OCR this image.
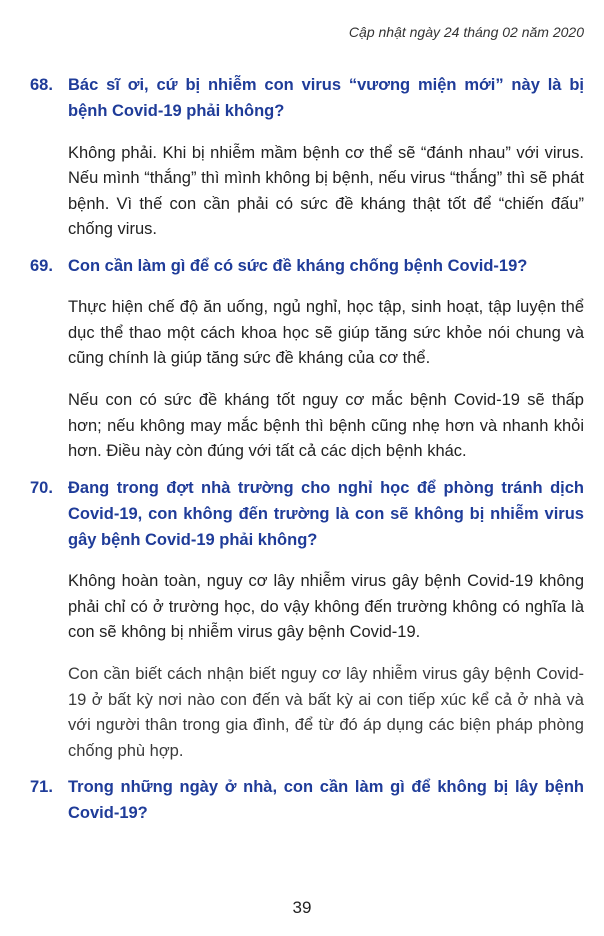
Cập nhật ngày 24 tháng 02 năm 2020
68. Bác sĩ ơi, cứ bị nhiễm con virus “vương miện mới” này là bị bệnh Covid-19 phải không?

Không phải. Khi bị nhiễm mầm bệnh cơ thể sẽ “đánh nhau” với virus. Nếu mình “thắng” thì mình không bị bệnh, nếu virus “thắng” thì sẽ phát bệnh. Vì thế con cần phải có sức đề kháng thật tốt để “chiến đấu” chống virus.

69. Con cần làm gì để có sức đề kháng chống bệnh Covid-19?

Thực hiện chế độ ăn uống, ngủ nghỉ, học tập, sinh hoạt, tập luyện thể dục thể thao một cách khoa học sẽ giúp tăng sức khỏe nói chung và cũng chính là giúp tăng sức đề kháng của cơ thể.

Nếu con có sức đề kháng tốt nguy cơ mắc bệnh Covid-19 sẽ thấp hơn; nếu không may mắc bệnh thì bệnh cũng nhẹ hơn và nhanh khỏi hơn. Điều này còn đúng với tất cả các dịch bệnh khác.

70. Đang trong đợt nhà trường cho nghỉ học để phòng tránh dịch Covid-19, con không đến trường là con sẽ không bị nhiễm virus gây bệnh Covid-19 phải không?

Không hoàn toàn, nguy cơ lây nhiễm virus gây bệnh Covid-19 không phải chỉ có ở trường học, do vậy không đến trường không có nghĩa là con sẽ không bị nhiễm virus gây bệnh Covid-19.

Con cần biết cách nhận biết nguy cơ lây nhiễm virus gây bệnh Covid-19 ở bất kỳ nơi nào con đến và bất kỳ ai con tiếp xúc kể cả ở nhà và với người thân trong gia đình, để từ đó áp dụng các biện pháp phòng chống phù hợp.

71. Trong những ngày ở nhà, con cần làm gì để không bị lây bệnh Covid-19?
39
